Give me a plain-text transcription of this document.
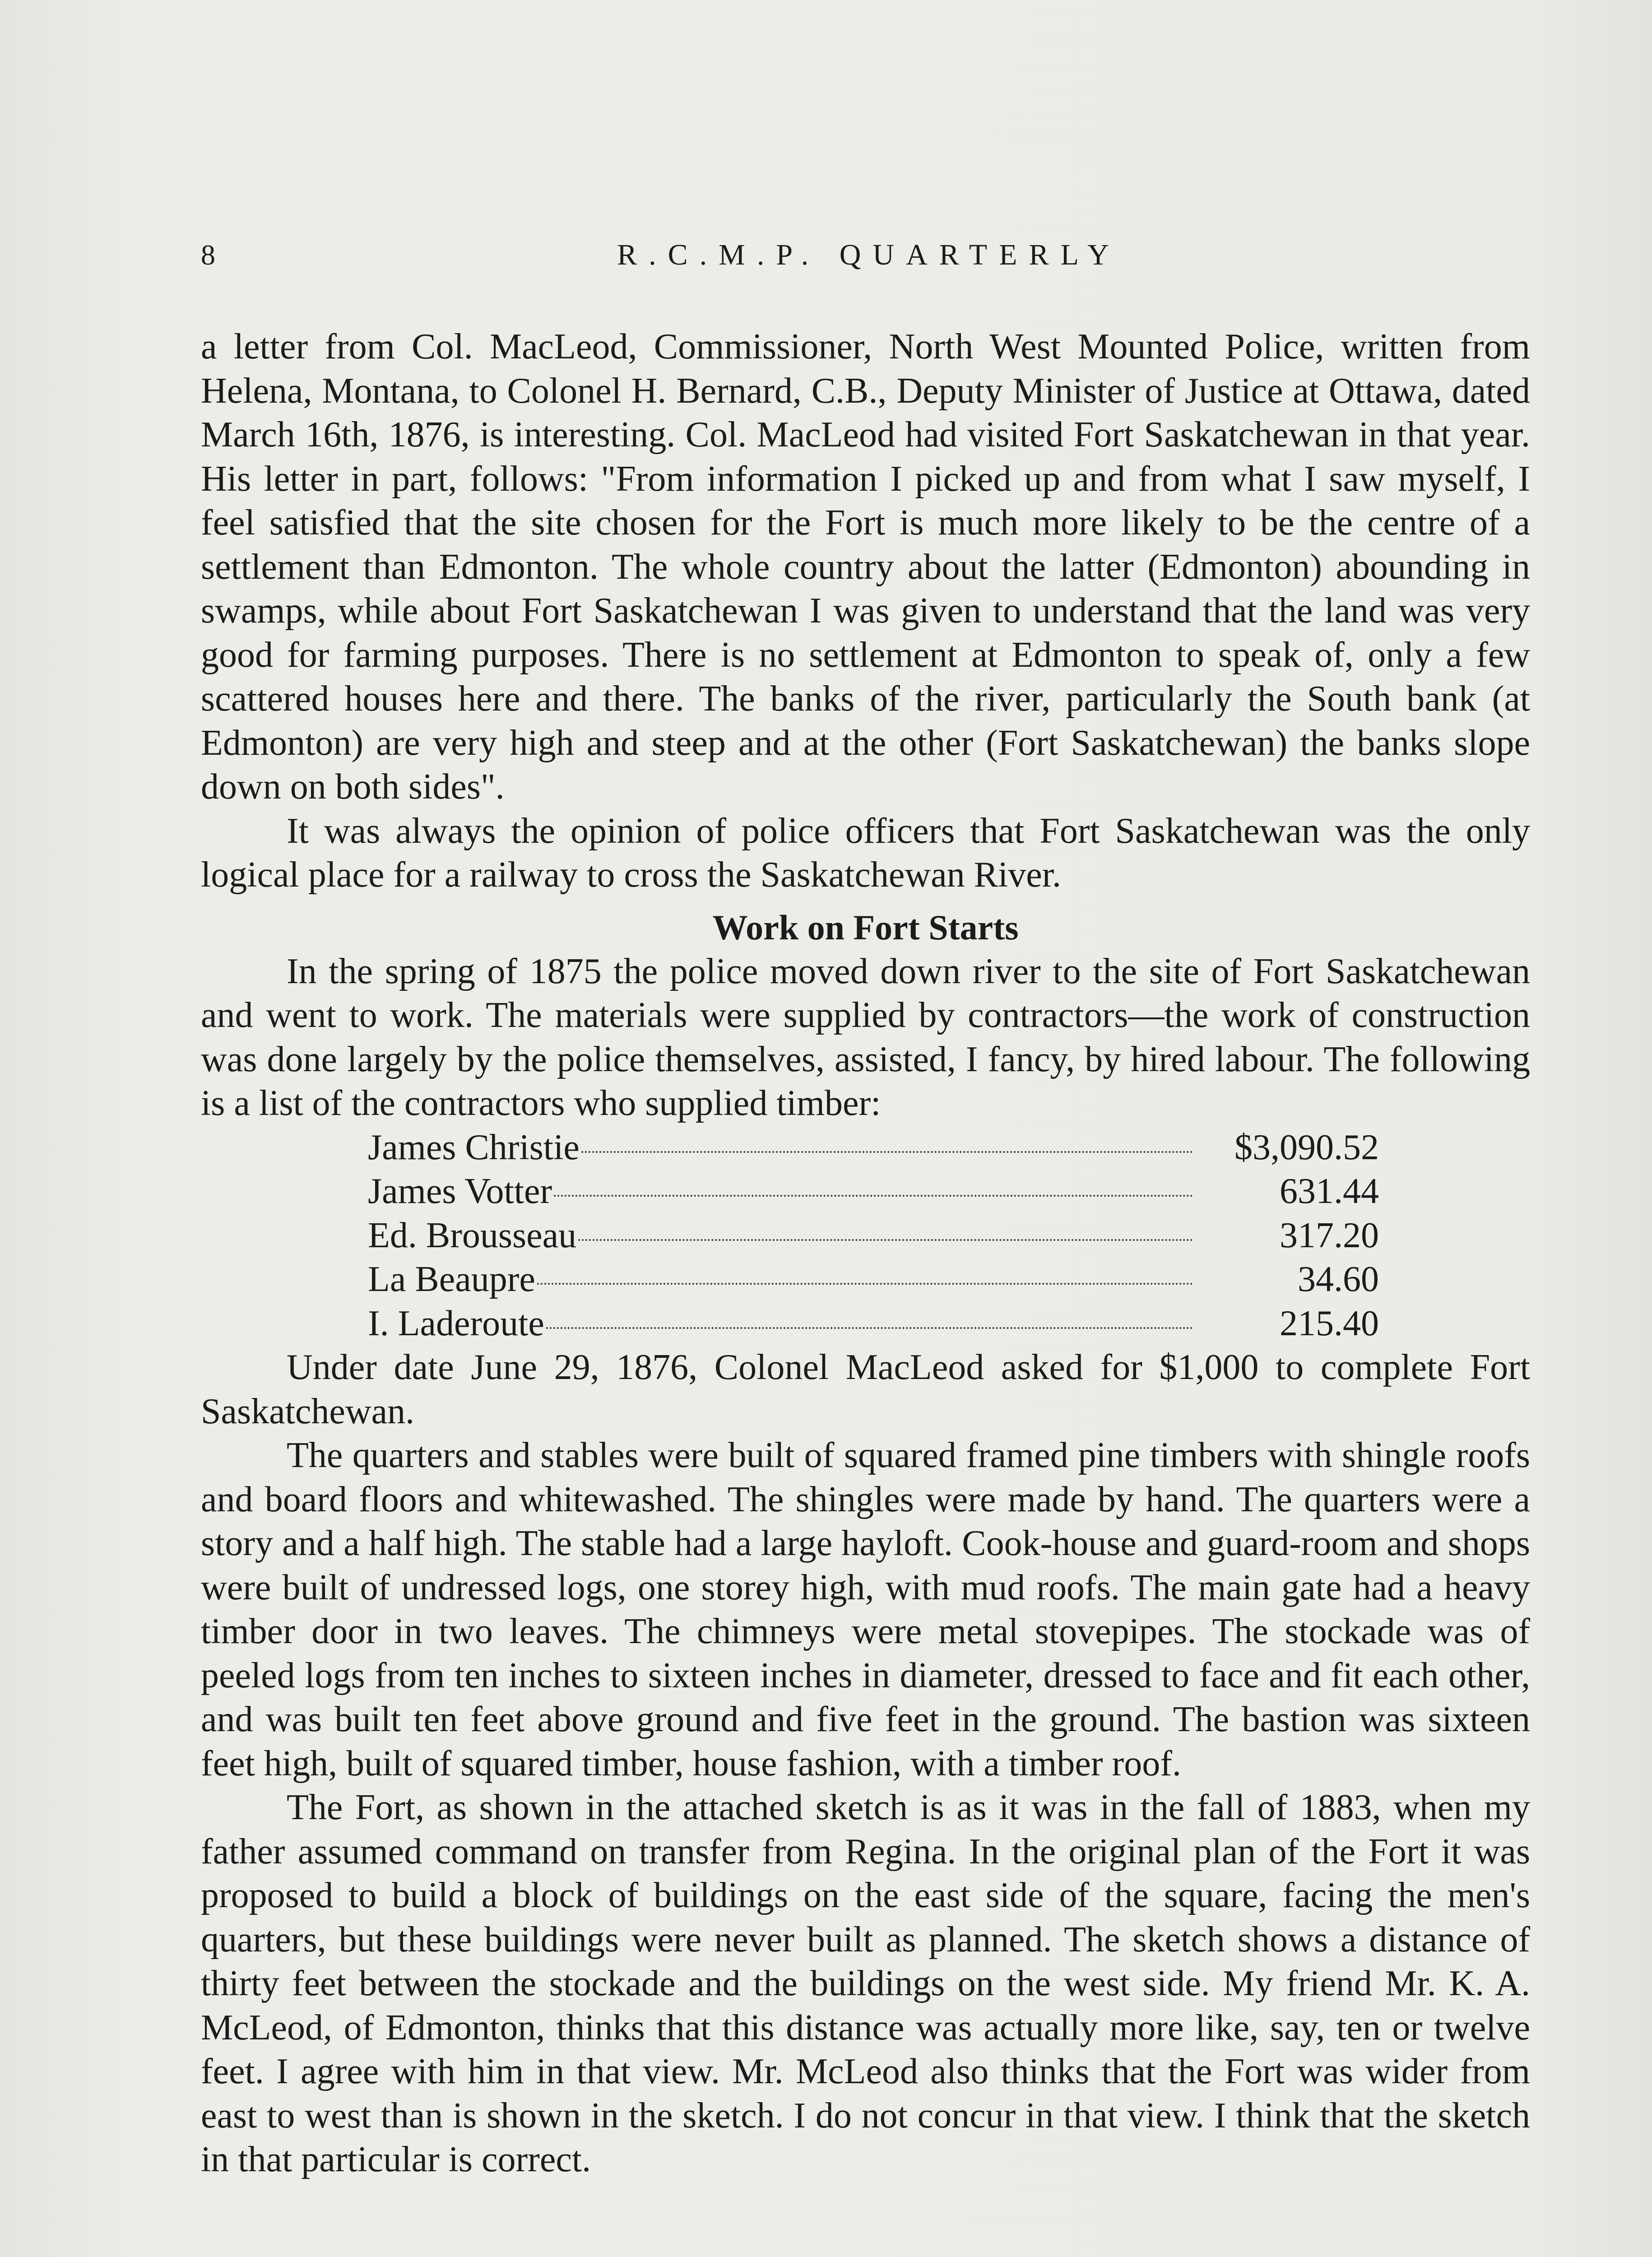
8	R.C.M.P. QUARTERLY

a letter from Col. MacLeod, Commissioner, North West Mounted Police, written from Helena, Montana, to Colonel H. Bernard, C.B., Deputy Minister of Justice at Ottawa, dated March 16th, 1876, is interesting. Col. MacLeod had visited Fort Saskatchewan in that year. His letter in part, follows: "From information I picked up and from what I saw myself, I feel satisfied that the site chosen for the Fort is much more likely to be the centre of a settlement than Edmonton. The whole country about the latter (Edmonton) abounding in swamps, while about Fort Saskatchewan I was given to understand that the land was very good for farming purposes. There is no settlement at Edmonton to speak of, only a few scattered houses here and there. The banks of the river, particularly the South bank (at Edmonton) are very high and steep and at the other (Fort Saskatchewan) the banks slope down on both sides".

It was always the opinion of police officers that Fort Saskatchewan was the only logical place for a railway to cross the Saskatchewan River.

Work on Fort Starts

In the spring of 1875 the police moved down river to the site of Fort Saskatchewan and went to work. The materials were supplied by contractors—the work of construction was done largely by the police themselves, assisted, I fancy, by hired labour. The following is a list of the contractors who supplied timber:

James Christie	$3,090.52
James Votter	631.44
Ed. Brousseau	317.20
La Beaupre	34.60
I. Laderoute	215.40

Under date June 29, 1876, Colonel MacLeod asked for $1,000 to complete Fort Saskatchewan.

The quarters and stables were built of squared framed pine timbers with shingle roofs and board floors and whitewashed. The shingles were made by hand. The quarters were a story and a half high. The stable had a large hayloft. Cook-house and guard-room and shops were built of undressed logs, one storey high, with mud roofs. The main gate had a heavy timber door in two leaves. The chimneys were metal stovepipes. The stockade was of peeled logs from ten inches to sixteen inches in diameter, dressed to face and fit each other, and was built ten feet above ground and five feet in the ground. The bastion was sixteen feet high, built of squared timber, house fashion, with a timber roof.

The Fort, as shown in the attached sketch is as it was in the fall of 1883, when my father assumed command on transfer from Regina. In the original plan of the Fort it was proposed to build a block of buildings on the east side of the square, facing the men's quarters, but these buildings were never built as planned. The sketch shows a distance of thirty feet between the stockade and the buildings on the west side. My friend Mr. K. A. McLeod, of Edmonton, thinks that this distance was actually more like, say, ten or twelve feet. I agree with him in that view. Mr. McLeod also thinks that the Fort was wider from east to west than is shown in the sketch. I do not concur in that view. I think that the sketch in that particular is correct.
